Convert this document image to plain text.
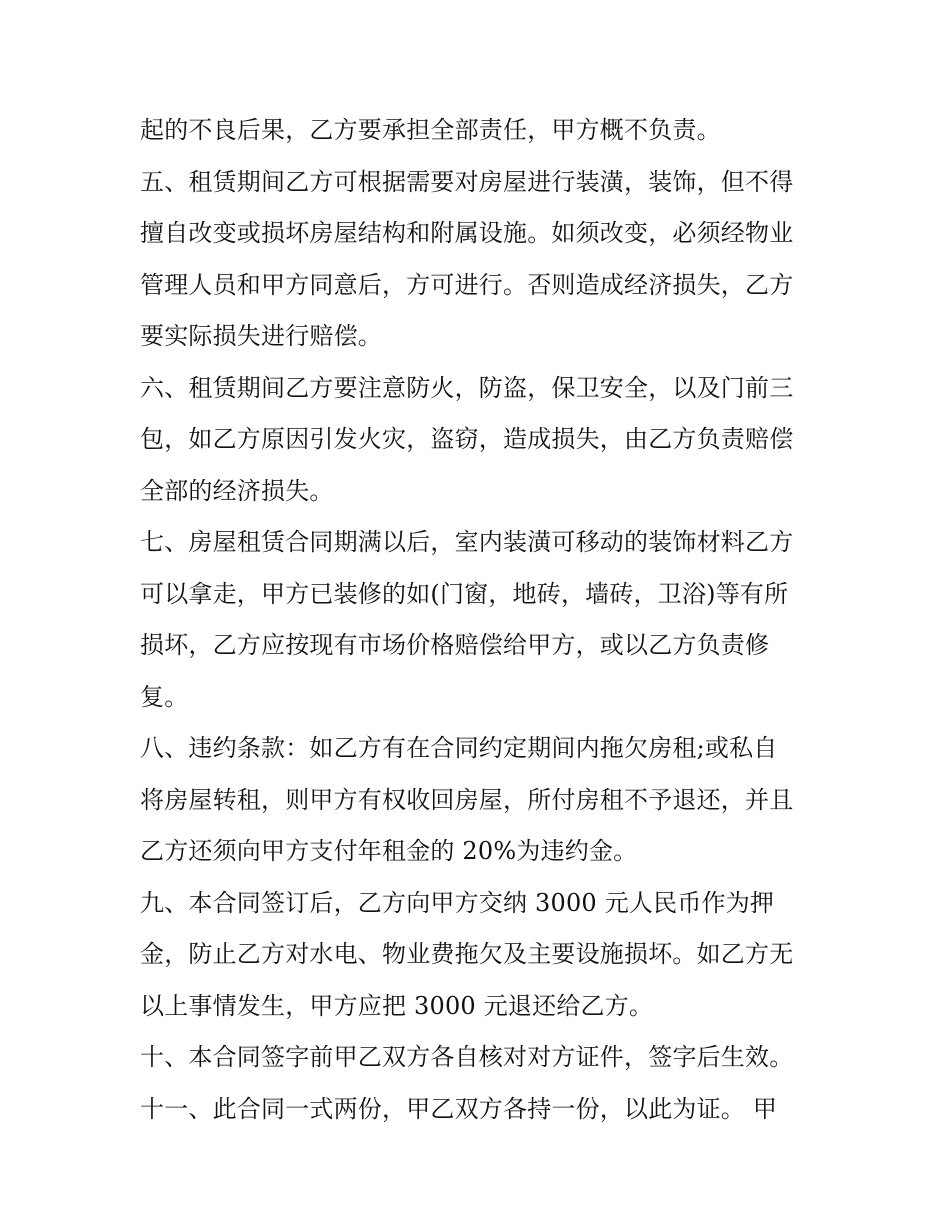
起的不良后果，乙方要承担全部责任，甲方概不负责。
五、租赁期间乙方可根据需要对房屋进行装潢，装饰，但不得
擅自改变或损坏房屋结构和附属设施。如须改变，必须经物业
管理人员和甲方同意后，方可进行。否则造成经济损失，乙方
要实际损失进行赔偿。
六、租赁期间乙方要注意防火，防盗，保卫安全，以及门前三
包，如乙方原因引发火灾，盗窃，造成损失，由乙方负责赔偿
全部的经济损失。
七、房屋租赁合同期满以后，室内装潢可移动的装饰材料乙方
可以拿走，甲方已装修的如(门窗，地砖，墙砖，卫浴)等有所
损坏，乙方应按现有市场价格赔偿给甲方，或以乙方负责修
复。
八、违约条款：如乙方有在合同约定期间内拖欠房租;或私自
将房屋转租，则甲方有权收回房屋，所付房租不予退还，并且
乙方还须向甲方支付年租金的 20%为违约金。
九、本合同签订后，乙方向甲方交纳 3000 元人民币作为押
金，防止乙方对水电、物业费拖欠及主要设施损坏。如乙方无
以上事情发生，甲方应把 3000 元退还给乙方。
十、本合同签字前甲乙双方各自核对对方证件，签字后生效。
十一、此合同一式两份，甲乙双方各持一份，以此为证。 甲
